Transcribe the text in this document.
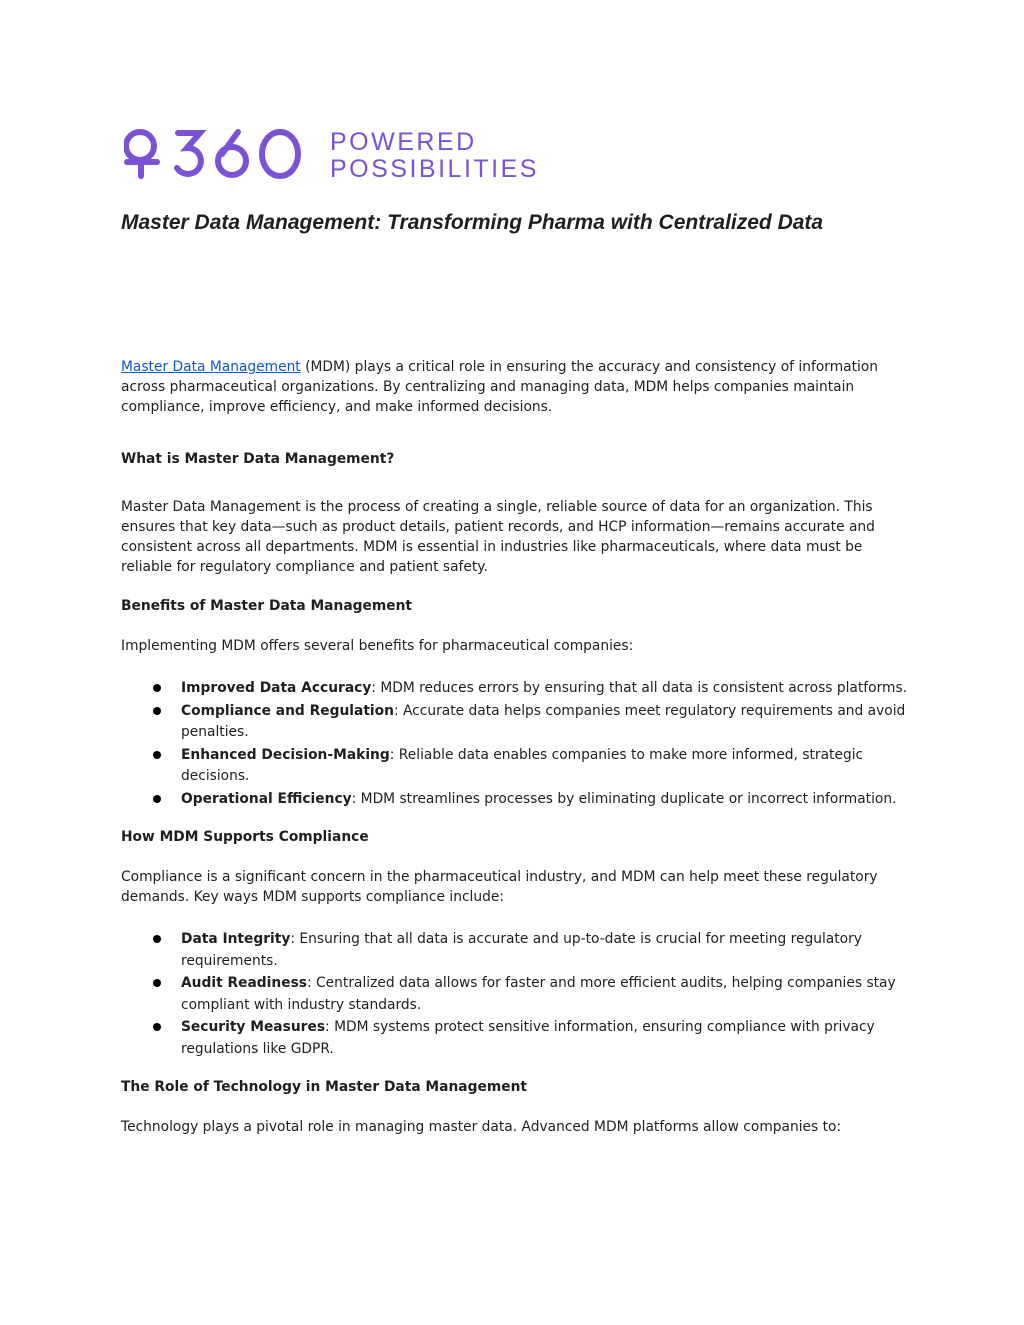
POWERED
POSSIBILITIES
Master Data Management: Transforming Pharma with Centralized Data

Master Data Management (MDM) plays a critical role in ensuring the accuracy and consistency of information across pharmaceutical organizations. By centralizing and managing data, MDM helps companies maintain compliance, improve efficiency, and make informed decisions.

What is Master Data Management?

Master Data Management is the process of creating a single, reliable source of data for an organization. This ensures that key data—such as product details, patient records, and HCP information—remains accurate and consistent across all departments. MDM is essential in industries like pharmaceuticals, where data must be reliable for regulatory compliance and patient safety.

Benefits of Master Data Management

Implementing MDM offers several benefits for pharmaceutical companies:

Improved Data Accuracy: MDM reduces errors by ensuring that all data is consistent across platforms.
Compliance and Regulation: Accurate data helps companies meet regulatory requirements and avoid penalties.
Enhanced Decision-Making: Reliable data enables companies to make more informed, strategic decisions.
Operational Efficiency: MDM streamlines processes by eliminating duplicate or incorrect information.
How MDM Supports Compliance

Compliance is a significant concern in the pharmaceutical industry, and MDM can help meet these regulatory demands. Key ways MDM supports compliance include:

Data Integrity: Ensuring that all data is accurate and up-to-date is crucial for meeting regulatory requirements.
Audit Readiness: Centralized data allows for faster and more efficient audits, helping companies stay compliant with industry standards.
Security Measures: MDM systems protect sensitive information, ensuring compliance with privacy regulations like GDPR.
The Role of Technology in Master Data Management

Technology plays a pivotal role in managing master data. Advanced MDM platforms allow companies to:
